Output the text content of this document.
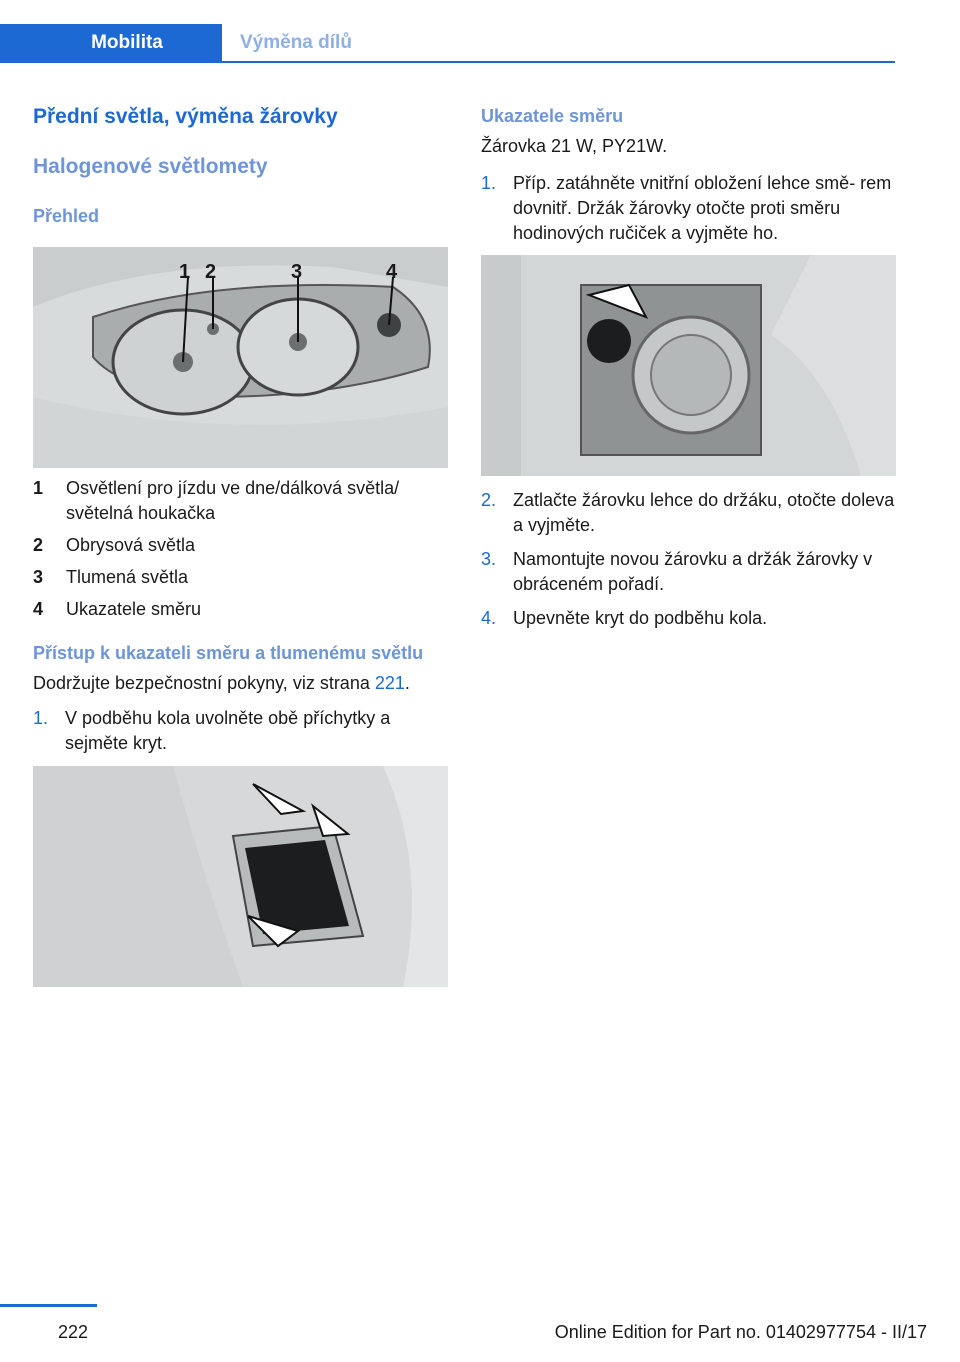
Mobilita	Výměna dílů
Přední světla, výměna žárovky
Halogenové světlomety
Přehled
1 2	3	4
1	Osvětlení pro jízdu ve dne/dálková světla/ světelná houkačka
2	Obrysová světla
3	Tlumená světla
4	Ukazatele směru
Přístup k ukazateli směru a tlumenému světlu

Dodržujte bezpečnostní pokyny, viz strana 221.

1. V podběhu kola uvolněte obě příchytky a sejměte kryt.
Ukazatele směru

Žárovka 21 W, PY21W.

1. Příp. zatáhněte vnitřní obložení lehce smě‐ rem dovnitř. Držák žárovky otočte proti směru hodinových ručiček a vyjměte ho.
2. Zatlačte žárovku lehce do držáku, otočte doleva a vyjměte.
3. Namontujte novou žárovku a držák žárovky v obráceném pořadí.
4. Upevněte kryt do podběhu kola.
222	Online Edition for Part no. 01402977754 - II/17
